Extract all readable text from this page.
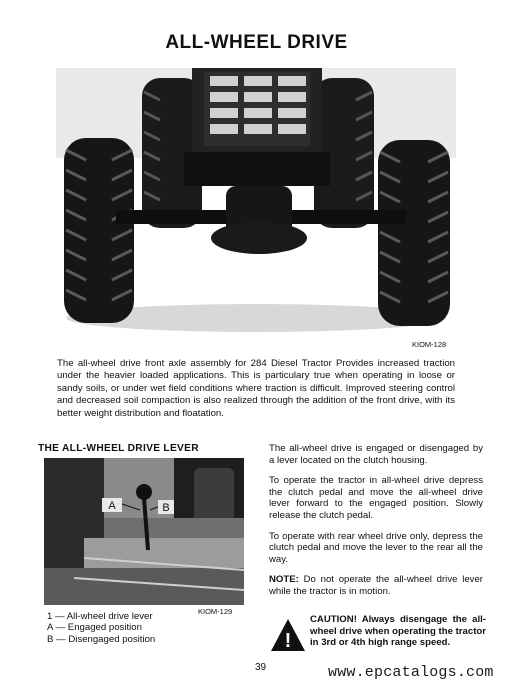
ALL-WHEEL DRIVE
KIOM-128

The all-wheel drive front axle assembly for 284 Diesel Tractor Provides increased traction under the heavier loaded applications. This is particulary true when operating in loose or sandy soils, or under wet field conditions where traction is difficult. Improved steering control and decreased soil compaction is also realized through the addition of the front drive, with its better weight distribution and floatation.

THE ALL-WHEEL DRIVE LEVER
A	B
KIOM-129
1 — All-wheel drive lever
A — Engaged position
B — Disengaged position

The all-wheel drive is engaged or disengaged by a lever located on the clutch housing.

To operate the tractor in all-wheel drive depress the clutch pedal and move the all-wheel drive lever forward to the engaged position. Slowly release the clutch pedal.

To operate with rear wheel drive only, depress the clutch pedal and move the lever to the rear all the way.

NOTE: Do not operate the all-wheel drive lever while the tractor is in motion.

!
CAUTION! Always disengage the all-wheel drive when operating the tractor in 3rd or 4th high range speed.
39	www.epcatalogs.com
